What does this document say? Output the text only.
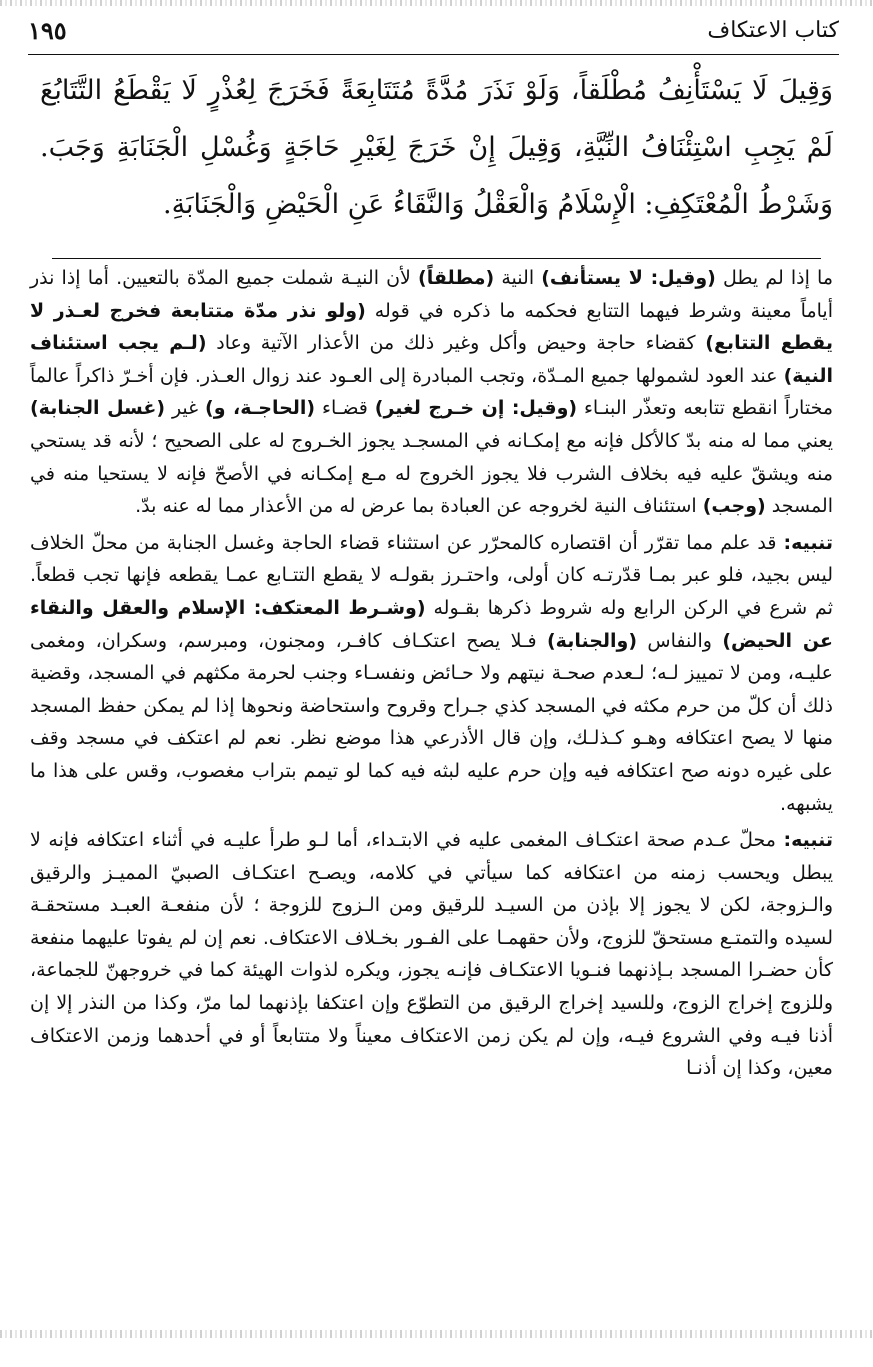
١٩٥	كتاب الاعتكاف
وَقِيلَ لَا يَسْتَأْنِفُ مُطْلَقاً، وَلَوْ نَذَرَ مُدَّةً مُتَتَابِعَةً فَخَرَجَ لِعُذْرٍ لَا يَقْطَعُ التَّتَابُعَ لَمْ يَجِبِ اسْتِئْنَافُ النِّيَّةِ، وَقِيلَ إِنْ خَرَجَ لِغَيْرِ حَاجَةٍ وَغُسْلِ الْجَنَابَةِ وَجَبَ. وَشَرْطُ الْمُعْتَكِفِ: الْإِسْلَامُ وَالْعَقْلُ وَالنَّقَاءُ عَنِ الْحَيْضِ وَالْجَنَابَةِ.

ما إذا لم يطل (وقيل: لا يستأنف) النية (مطلقاً) لأن النيـة شملت جميع المدّة بالتعيين. أما إذا نذر أياماً معينة وشرط فيهما التتابع فحكمه ما ذكره في قوله (ولو نذر مدّة متتابعة فخرج لعـذر لا يقطع التتابع) كقضاء حاجة وحيض وأكل وغير ذلك من الأعذار الآتية وعاد (لـم يجب استئناف النية) عند العود لشمولها جميع المـدّة، وتجب المبادرة إلى العـود عند زوال العـذر. فإن أخـرّ ذاكراً عالماً مختاراً انقطع تتابعه وتعذّر البنـاء (وقيل: إن خـرج لغير) قضـاء (الحاجـة، و) غير (غسل الجنابة) يعني مما له منه بدّ كالأكل فإنه مع إمكـانه في المسجـد يجوز الخـروج له على الصحيح ؛ لأنه قد يستحي منه ويشقّ عليه فيه بخلاف الشرب فلا يجوز الخروج له مـع إمكـانه في الأصحّ فإنه لا يستحيا منه في المسجد (وجب) استئناف النية لخروجه عن العبادة بما عرض له من الأعذار مما له عنه بدّ.

تنبيه: قد علم مما تقرّر أن اقتصاره كالمحرّر عن استثناء قضاء الحاجة وغسل الجنابة من محلّ الخلاف ليس بجيد، فلو عبر بمـا قدّرتـه كان أولى، واحتـرز بقولـه لا يقطع التتـابع عمـا يقطعه فإنها تجب قطعاً. ثم شرع في الركن الرابع وله شروط ذكرها بقـوله (وشـرط المعتكف: الإسلام والعقل والنقاء عن الحيض) والنفاس (والجنابة) فـلا يصح اعتكـاف كافـر، ومجنون، ومبرسم، وسكران، ومغمى عليـه، ومن لا تمييز لـه؛ لـعدم صحـة نيتهم ولا حـائض ونفسـاء وجنب لحرمة مكثهم في المسجد، وقضية ذلك أن كلّ من حرم مكثه في المسجد كذي جـراح وقروح واستحاضة ونحوها إذا لم يمكن حفظ المسجد منها لا يصح اعتكافه وهـو كـذلـك، وإن قال الأذرعي هذا موضع نظر. نعم لم اعتكف في مسجد وقف على غيره دونه صح اعتكافه فيه وإن حرم عليه لبثه فيه كما لو تيمم بتراب مغصوب، وقس على هذا ما يشبهه.

تنبيه: محلّ عـدم صحة اعتكـاف المغمى عليه في الابتـداء، أما لـو طرأ عليـه في أثناء اعتكافه فإنه لا يبطل ويحسب زمنه من اعتكافه كما سيأتي في كلامه، ويصـح اعتكـاف الصبيّ المميـز والرقيق والـزوجة، لكن لا يجوز إلا بإذن من السيـد للرقيق ومن الـزوج للزوجة ؛ لأن منفعـة العبـد مستحقـة لسيده والتمتـع مستحقّ للزوج، ولأن حقهمـا على الفـور بخـلاف الاعتكاف. نعم إن لم يفوتا عليهما منفعة كأن حضـرا المسجد بـإذنهما فنـويا الاعتكـاف فإنـه يجوز، ويكره لذوات الهيئة كما في خروجهنّ للجماعة، وللزوج إخراج الزوج، وللسيد إخراج الرقيق من التطوّع وإن اعتكفا بإذنهما لما مرّ، وكذا من النذر إلا إن أذنا فيـه وفي الشروع فيـه، وإن لم يكن زمن الاعتكاف معيناً ولا متتابعاً أو في أحدهما وزمن الاعتكاف معين، وكذا إن أذنـا
